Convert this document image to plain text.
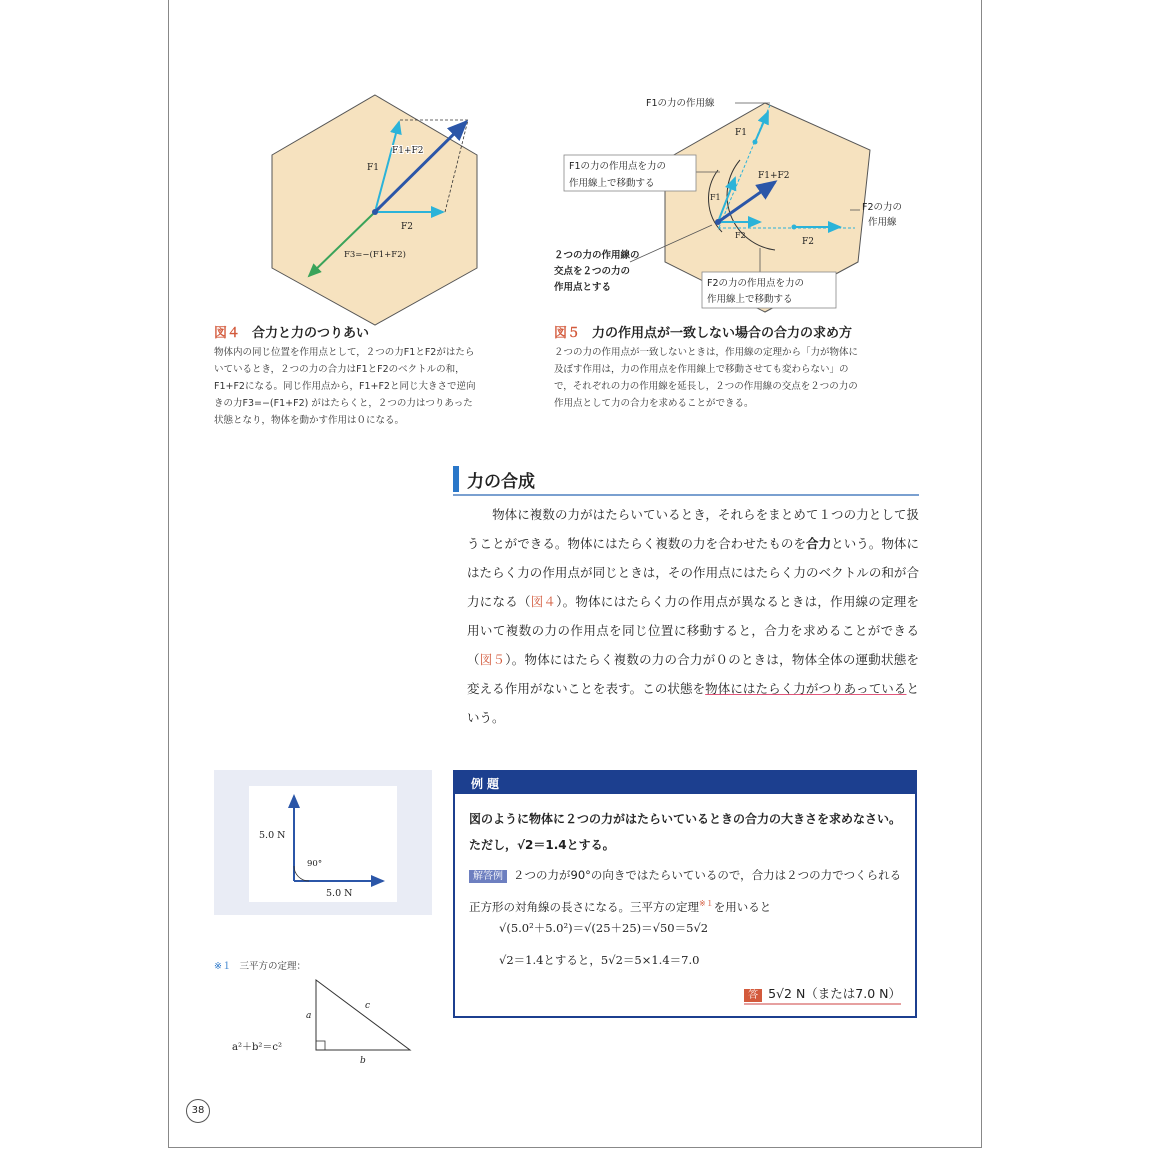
F1+F2
F1
F2
F3=−(F1+F2)
F1
F1+F2
F2
F1
F2
F1の力の作用線
F1の力の作用点を力の
作用線上で移動する
F2の力の
作用線
２つの力の作用線の
交点を２つの力の
作用点とする	F2の力の作用点を力の
作用線上で移動する
図４ 合力と力のつりあい
物体内の同じ位置を作用点として，２つの力F1とF2がはたら
いているとき，２つの力の合力はF1とF2のベクトルの和，
F1+F2になる。同じ作用点から，F1+F2と同じ大きさで逆向
きの力F3=−(F1+F2) がはたらくと，２つの力はつりあった
状態となり，物体を動かす作用は０になる。
図５ 力の作用点が一致しない場合の合力の求め方
２つの力の作用点が一致しないときは，作用線の定理から「力が物体に
及ぼす作用は，力の作用点を作用線上で移動させても変わらない」の
で，それぞれの力の作用線を延長し，２つの作用線の交点を２つの力の
作用点として力の合力を求めることができる。
力の合成
物体に複数の力がはたらいているとき，それらをまとめて１つの力として扱うことができる。物体にはたらく複数の力を合わせたものを合力という。物体にはたらく力の作用点が同じときは，その作用点にはたらく力のベクトルの和が合力になる（図４）。物体にはたらく力の作用点が異なるときは，作用線の定理を用いて複数の力の作用点を同じ位置に移動すると，合力を求めることができる（図５）。物体にはたらく複数の力の合力が０のときは，物体全体の運動状態を変える作用がないことを表す。この状態を物体にはたらく力がつりあっているという。
5.0 N
90°
5.0 N
a
b
c
a²＋b²＝c²
※１ 三平方の定理：
例題
図のように物体に２つの力がはたらいているときの合力の大きさを求めなさい。ただし，√2＝1.4とする。
解答例 ２つの力が90°の向きではたらいているので，合力は２つの力でつくられる正方形の対角線の長さになる。三平方の定理$^{※1}$を用いると
√(5.0²＋5.0²)＝√(25＋25)＝√50＝5√2
√2＝1.4とすると，5√2＝5×1.4＝7.0
答 5√2 N（または7.0 N）
38
